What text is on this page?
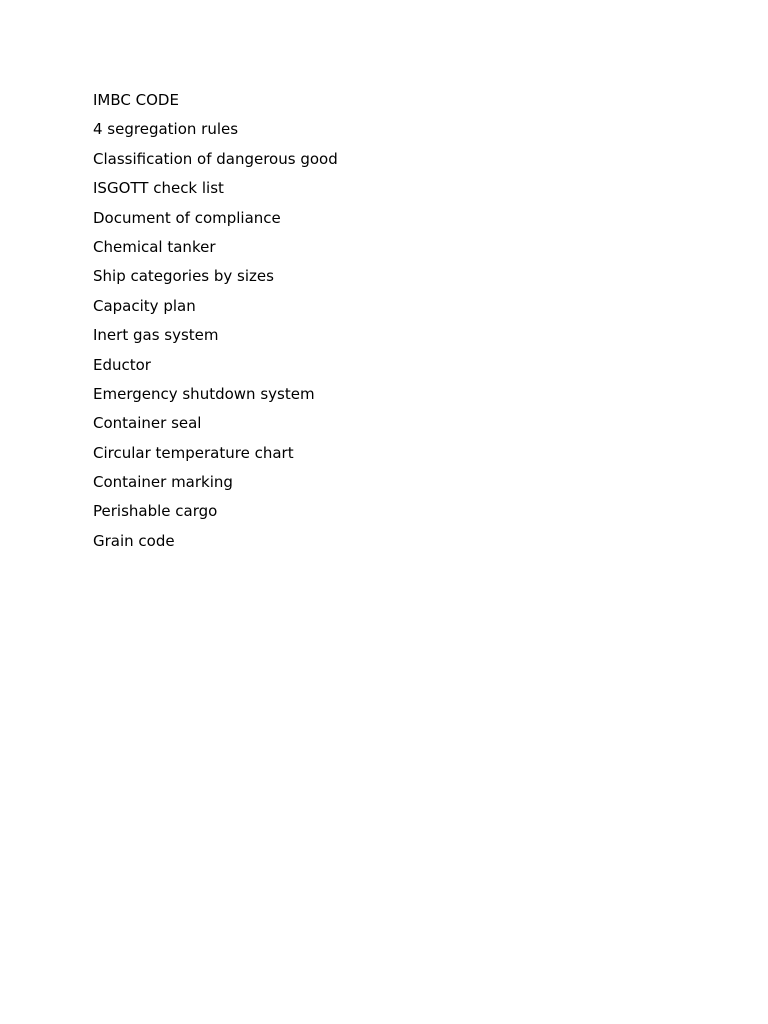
IMBC CODE
4 segregation rules
Classification of dangerous good
ISGOTT check list
Document of compliance
Chemical tanker
Ship categories by sizes
Capacity plan
Inert gas system
Eductor
Emergency shutdown system
Container seal
Circular temperature chart
Container marking
Perishable cargo
Grain code
